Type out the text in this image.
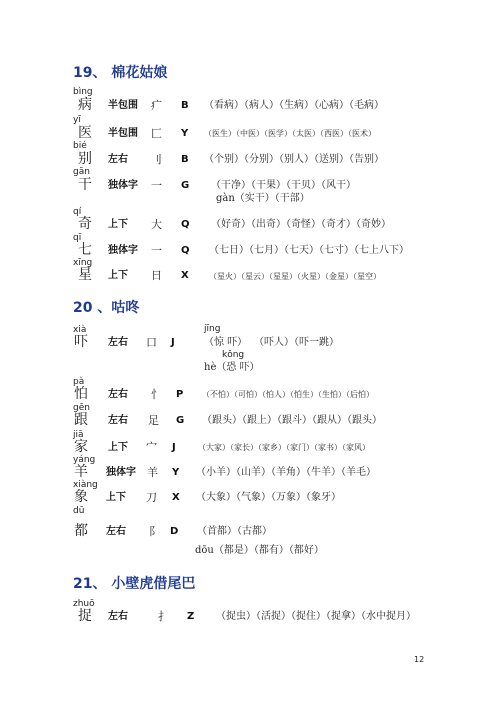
19、 棉花姑娘
bìng
病 半包围 疒 B （看病）（病人）（生病）（心病）（毛病）
yī
医 半包围 匚 Y （医生）（中医）（医学）（太医）（西医）（医术）
bié
别 左右 刂 B （个别）（分别）（别人）（送别）（告别）
gān
干 独体字 一 G （干净）（干果）（干贝）（风干）
gàn（实干）（干部）
qí
奇 上下 大 Q （好奇）（出奇）（奇怪）（奇才）（奇妙）
qī
七 独体字 一 Q （七日）（七月）（七天）（七寸）（七上八下）
xīng
星 上下 日 X	（星火）（星云）（星星）（火星）（金星）（星空）
20 、咕咚
jīng
xià
吓 左右 口 J	（惊 吓） （吓人）（吓一跳）
kǒng
hè（恐 吓）
pà
怕 左右 忄 P （不怕）（可怕）（怕人）（怕生）（生怕）（后怕）
gēn
跟 左右 足 G （跟头）（跟上）（跟斗）（跟从）（跟头）
jiā
家 上下 宀 J	（大家）（家长）（家乡）（家门）（家书）（家风）
yáng
羊 独体字 羊 Y （小羊）（山羊）（羊角）（牛羊）（羊毛）
xiàng
象 上下 刀 X （大象）（气象）（万象）（象牙）
dū
都 左右 阝 D （首都）（古都）
dōu（都是）（都有）（都好）
21、 小壁虎借尾巴
zhuō
捉 左右	扌 Z （捉虫）（活捉）（捉住）（捉拿）（水中捉月）
12
